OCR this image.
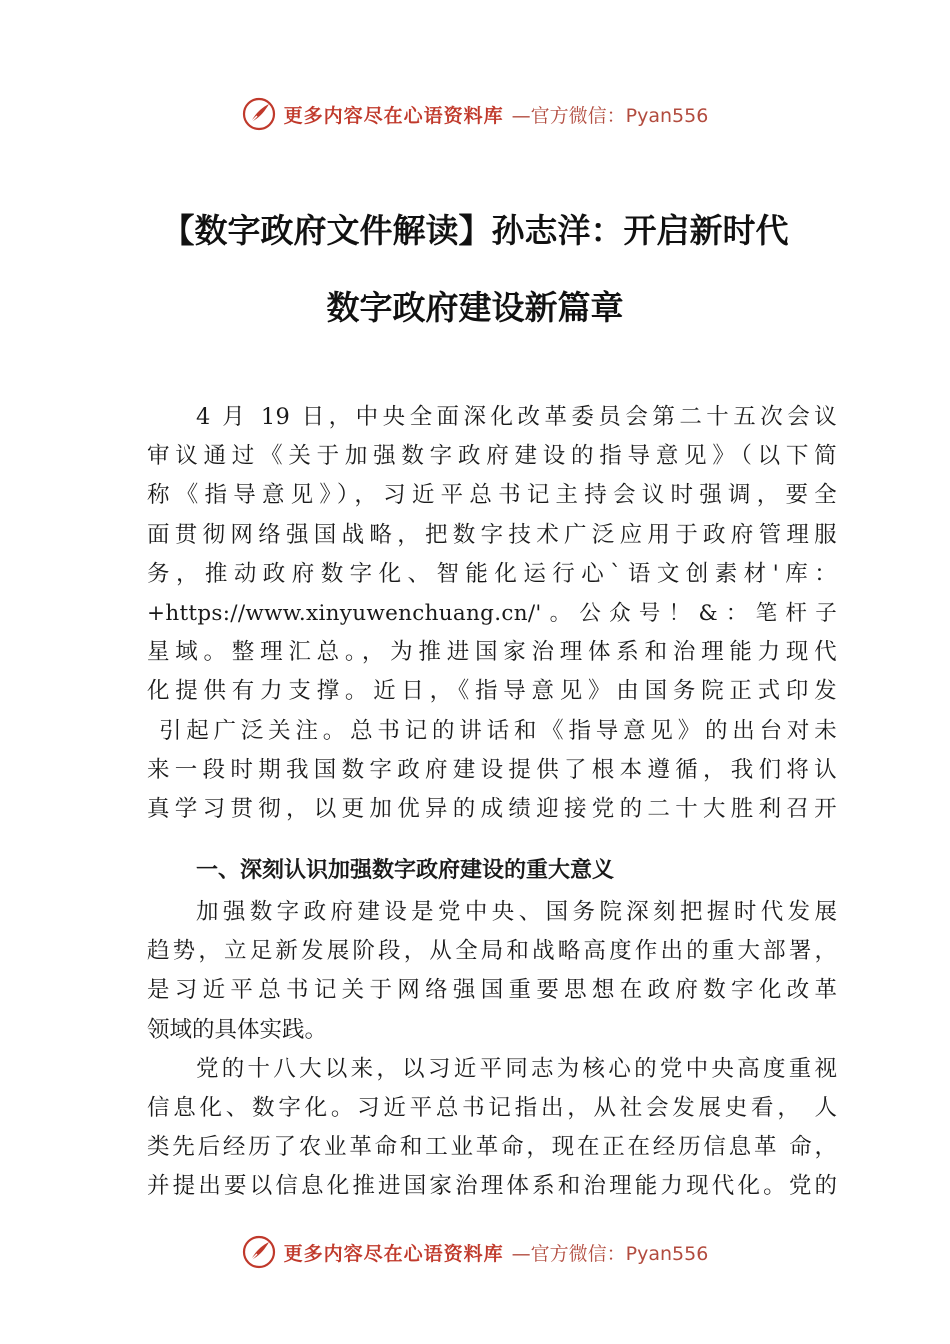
更多内容尽在心语资料库 —官方微信：Pyan556
【数字政府文件解读】孙志洋：开启新时代
数字政府建设新篇章
4 月 19 日，中央全面深化改革委员会第二十五次会议
审议通过《关于加强数字政府建设的指导意见》（以下简
称《指导意见》），习近平总书记主持会议时强调，要全
面贯彻网络强国战略，把数字技术广泛应用于政府管理服
务，推动政府数字化、智能化运行心`语文创素材'库：
+https://www.xinyuwenchuang.cn/'。公众号！&：笔杆子
星域。整理汇总。，为推进国家治理体系和治理能力现代
化提供有力支撑。近日，《指导意见》由国务院正式印发
引起广泛关注。总书记的讲话和《指导意见》的出台对未
来一段时期我国数字政府建设提供了根本遵循，我们将认
真学习贯彻，以更加优异的成绩迎接党的二十大胜利召开
一、深刻认识加强数字政府建设的重大意义
加强数字政府建设是党中央、国务院深刻把握时代发展
趋势，立足新发展阶段，从全局和战略高度作出的重大部署，
是习近平总书记关于网络强国重要思想在政府数字化改革
领域的具体实践。
党的十八大以来，以习近平同志为核心的党中央高度重视
信息化、数字化。习近平总书记指出，从社会发展史看， 人
类先后经历了农业革命和工业革命，现在正在经历信息革 命，
并提出要以信息化推进国家治理体系和治理能力现代化。党的
更多内容尽在心语资料库 —官方微信：Pyan556
